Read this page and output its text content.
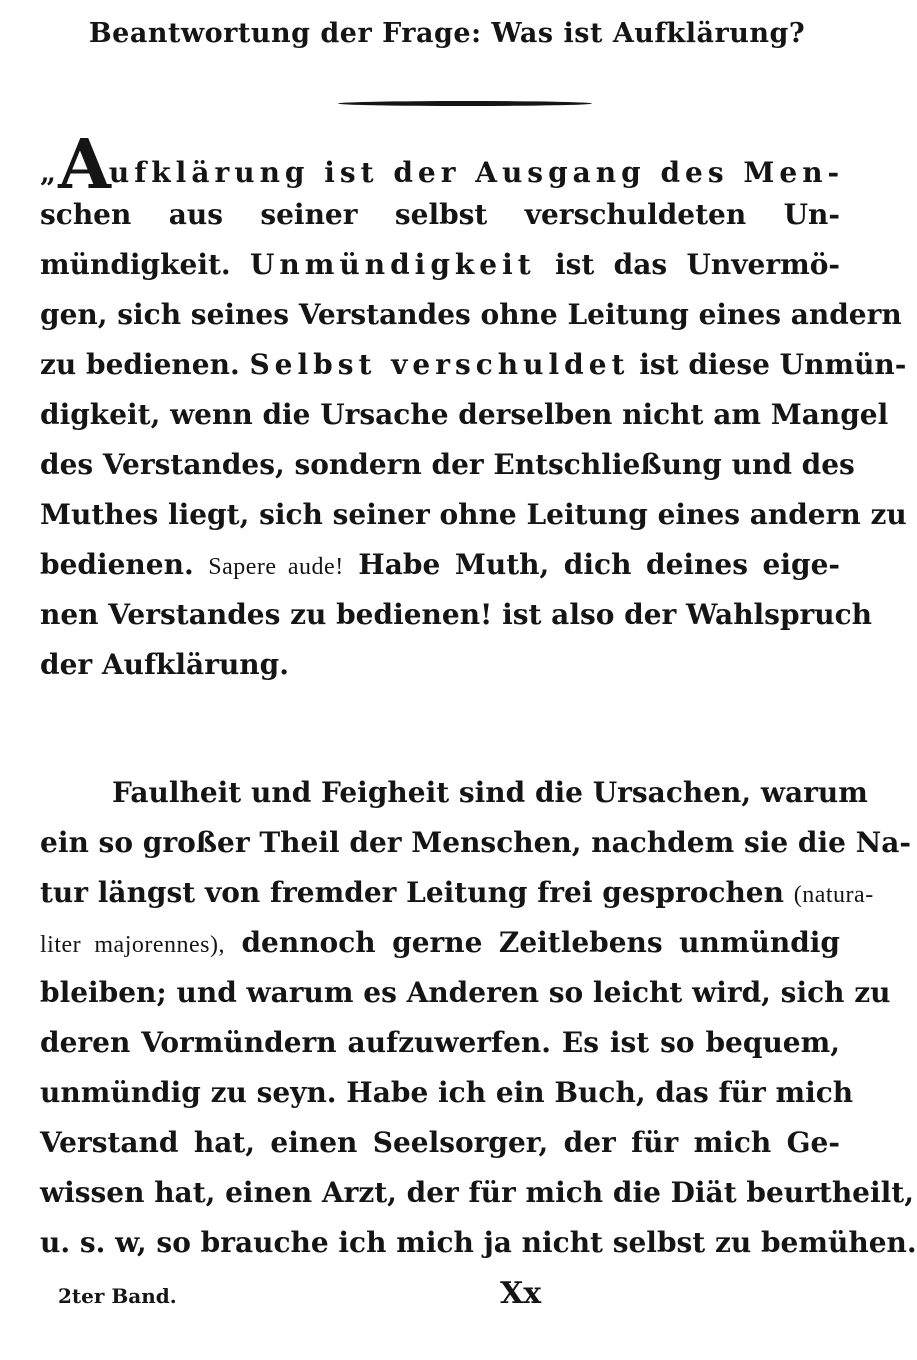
Beantwortung der Frage: Was ist Aufklärung?
„Aufklärung ist der Ausgang des Men-
schen aus seiner selbst verschuldeten Un-
mündigkeit. Unmündigkeit ist das Unvermö-
gen, sich seines Verstandes ohne Leitung eines andern
zu bedienen. Selbst verschuldet ist diese Unmün-
digkeit, wenn die Ursache derselben nicht am Mangel
des Verstandes, sondern der Entschließung und des
Muthes liegt, sich seiner ohne Leitung eines andern zu
bedienen. Sapere aude! Habe Muth, dich deines eige-
nen Verstandes zu bedienen! ist also der Wahlspruch
der Aufklärung.
Faulheit und Feigheit sind die Ursachen, warum
ein so großer Theil der Menschen, nachdem sie die Na-
tur längst von fremder Leitung frei gesprochen (natura-
liter majorennes), dennoch gerne Zeitlebens unmündig
bleiben; und warum es Anderen so leicht wird, sich zu
deren Vormündern aufzuwerfen. Es ist so bequem,
unmündig zu seyn. Habe ich ein Buch, das für mich
Verstand hat, einen Seelsorger, der für mich Ge-
wissen hat, einen Arzt, der für mich die Diät beurtheilt,
u. s. w, so brauche ich mich ja nicht selbst zu bemühen.
2ter Band.	Xx
